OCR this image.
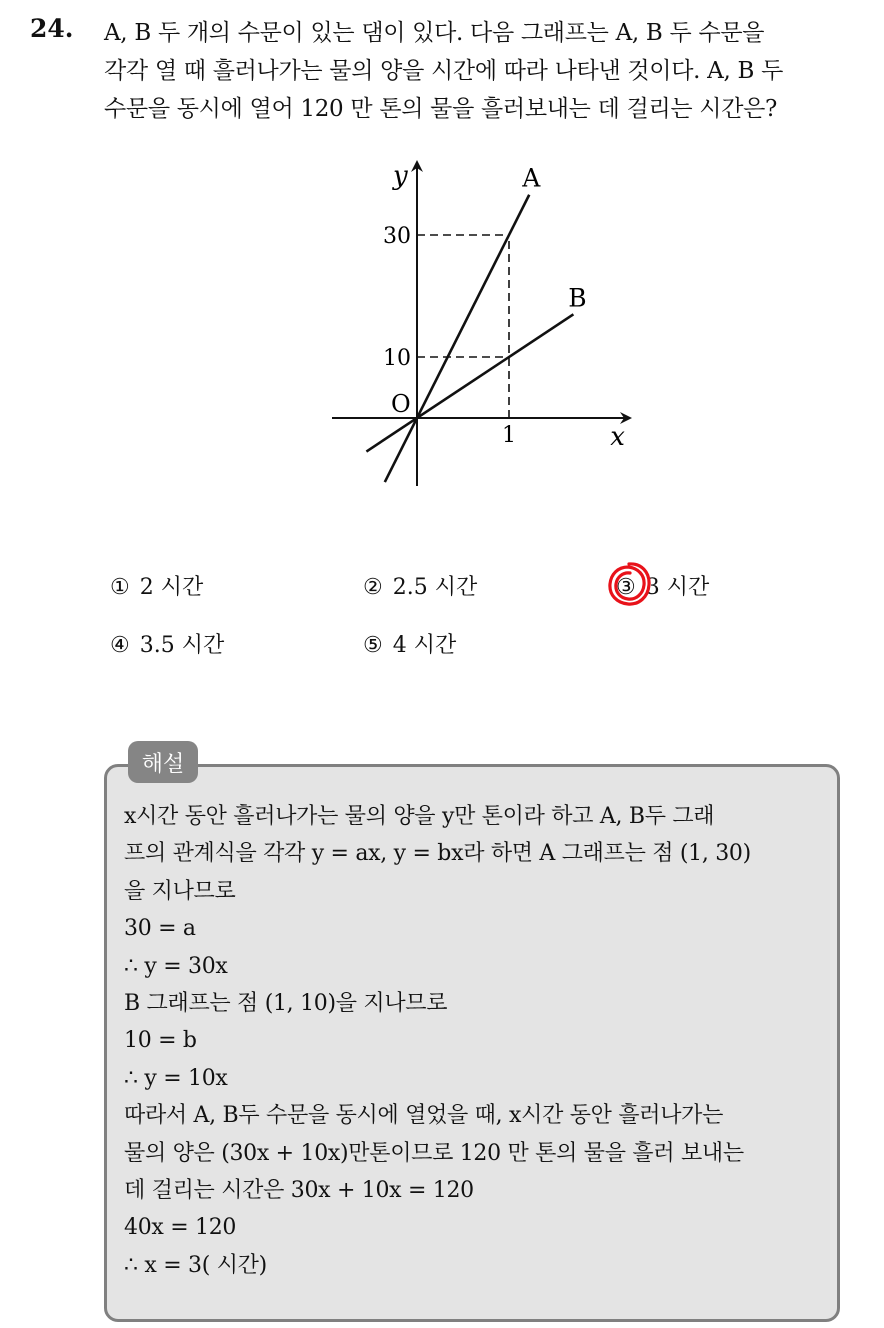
24. A, B 두 개의 수문이 있는 댐이 있다. 다음 그래프는 A, B 두 수문을
각각 열 때 흘러나가는 물의 양을 시간에 따라 나타낸 것이다. A, B 두
수문을 동시에 열어 120 만 톤의 물을 흘러보내는 데 걸리는 시간은?
y
x
O
1
10
30
A
B
① 2 시간	② 2.5 시간	③ 3 시간
④ 3.5 시간	⑤ 4 시간
해설
x시간 동안 흘러나가는 물의 양을 y만 톤이라 하고 A, B두 그래
프의 관계식을 각각 y = ax, y = bx라 하면 A 그래프는 점 (1, 30)
을 지나므로
30 = a
∴ y = 30x
B 그래프는 점 (1, 10)을 지나므로
10 = b
∴ y = 10x
따라서 A, B두 수문을 동시에 열었을 때, x시간 동안 흘러나가는
물의 양은 (30x + 10x)만톤이므로 120 만 톤의 물을 흘러 보내는
데 걸리는 시간은 30x + 10x = 120
40x = 120
∴ x = 3( 시간)
